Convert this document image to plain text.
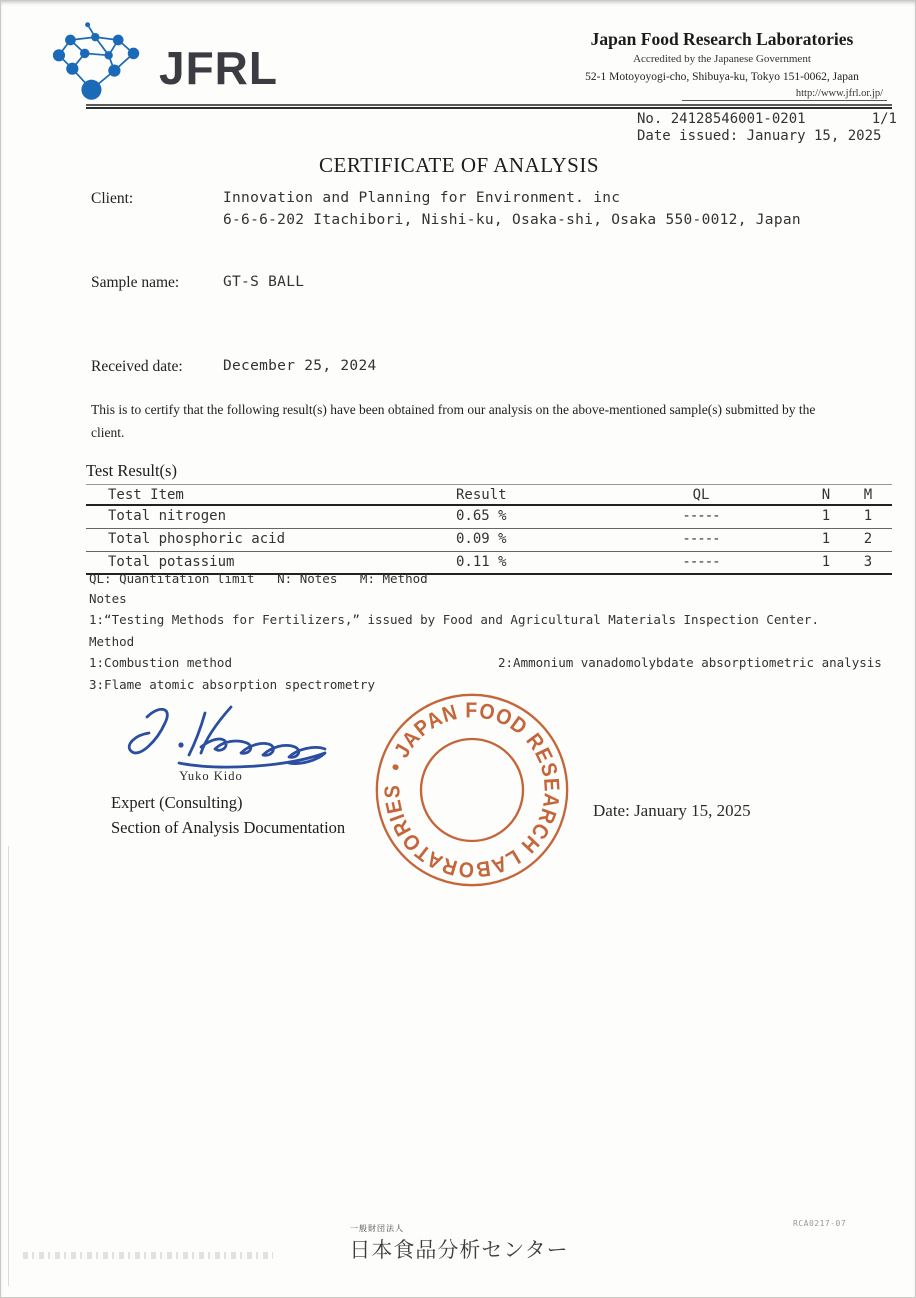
JFRL
Japan Food Research Laboratories
Accredited by the Japanese Government
52-1 Motoyoyogi-cho, Shibuya-ku, Tokyo 151-0062, Japan
http://www.jfrl.or.jp/
No. 24128546001-0201	1/1
Date issued: January 15, 2025
CERTIFICATE OF ANALYSIS
Client:	Innovation and Planning for Environment. inc
6-6-6-202 Itachibori, Nishi-ku, Osaka-shi, Osaka 550-0012, Japan
Sample name:	GT-S BALL
Received date:	December 25, 2024
This is to certify that the following result(s) have been obtained from our analysis on the above-mentioned sample(s) submitted by the client.
Test Result(s)
Test Item	Result	QL	N	M
Total nitrogen	0.65 %	-----	1	1
Total phosphoric acid	0.09 %	-----	1	2
Total potassium	0.11 %	-----	1	3
QL: Quantitation limit   N: Notes   M: Method
Notes
1:“Testing Methods for Fertilizers,” issued by Food and Agricultural Materials Inspection Center.
Method
1:Combustion method	2:Ammonium vanadomolybdate absorptiometric analysis
3:Flame atomic absorption spectrometry
Yuko Kido
Expert (Consulting)
Section of Analysis Documentation
• JAPAN FOOD RESEARCH LABORATORIES
Date: January 15, 2025
一般財団法人
日本食品分析センター
RCA0217-07
